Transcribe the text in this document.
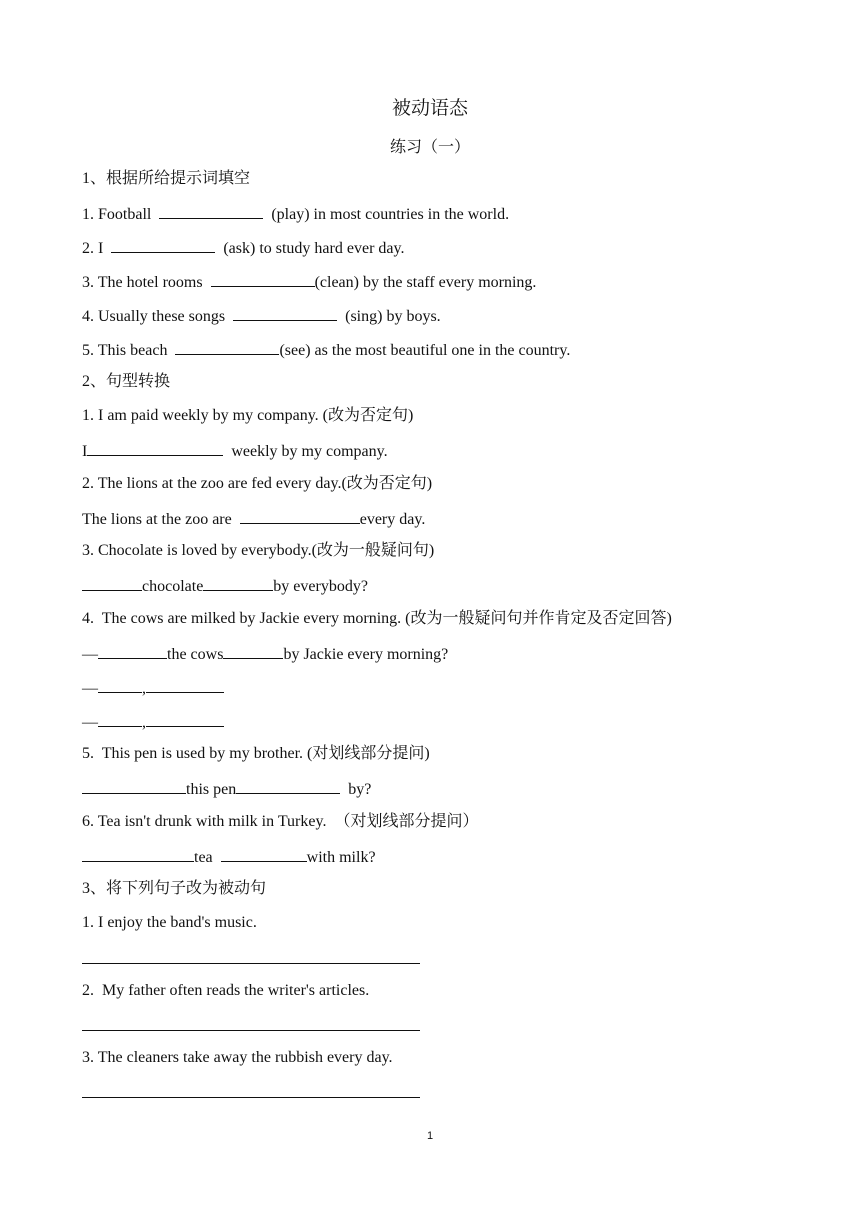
被动语态
练习（一）
1、根据所给提示词填空
1. Football	(play) in most countries in the world.
2. I	(ask) to study hard ever day.
3. The hotel rooms	(clean) by the staff every morning.
4. Usually these songs	(sing) by boys.
5. This beach	(see) as the most beautiful one in the country.
2、句型转换
1. I am paid weekly by my company. (改为否定句)
I	weekly by my company.
2. The lions at the zoo are fed every day.(改为否定句)
The lions at the zoo are	every day.
3. Chocolate is loved by everybody.(改为一般疑问句)
chocolate	by everybody?
4.  The cows are milked by Jackie every morning. (改为一般疑问句并作肯定及否定回答)
—	the cows	by Jackie every morning?
—	,
—	,
5.  This pen is used by my brother. (对划线部分提问)
this pen	by?
6. Tea isn't drunk with milk in Turkey.  （对划线部分提问）
tea	with milk?
3、将下列句子改为被动句
1. I enjoy the band's music.
2.  My father often reads the writer's articles.
3. The cleaners take away the rubbish every day.
1
